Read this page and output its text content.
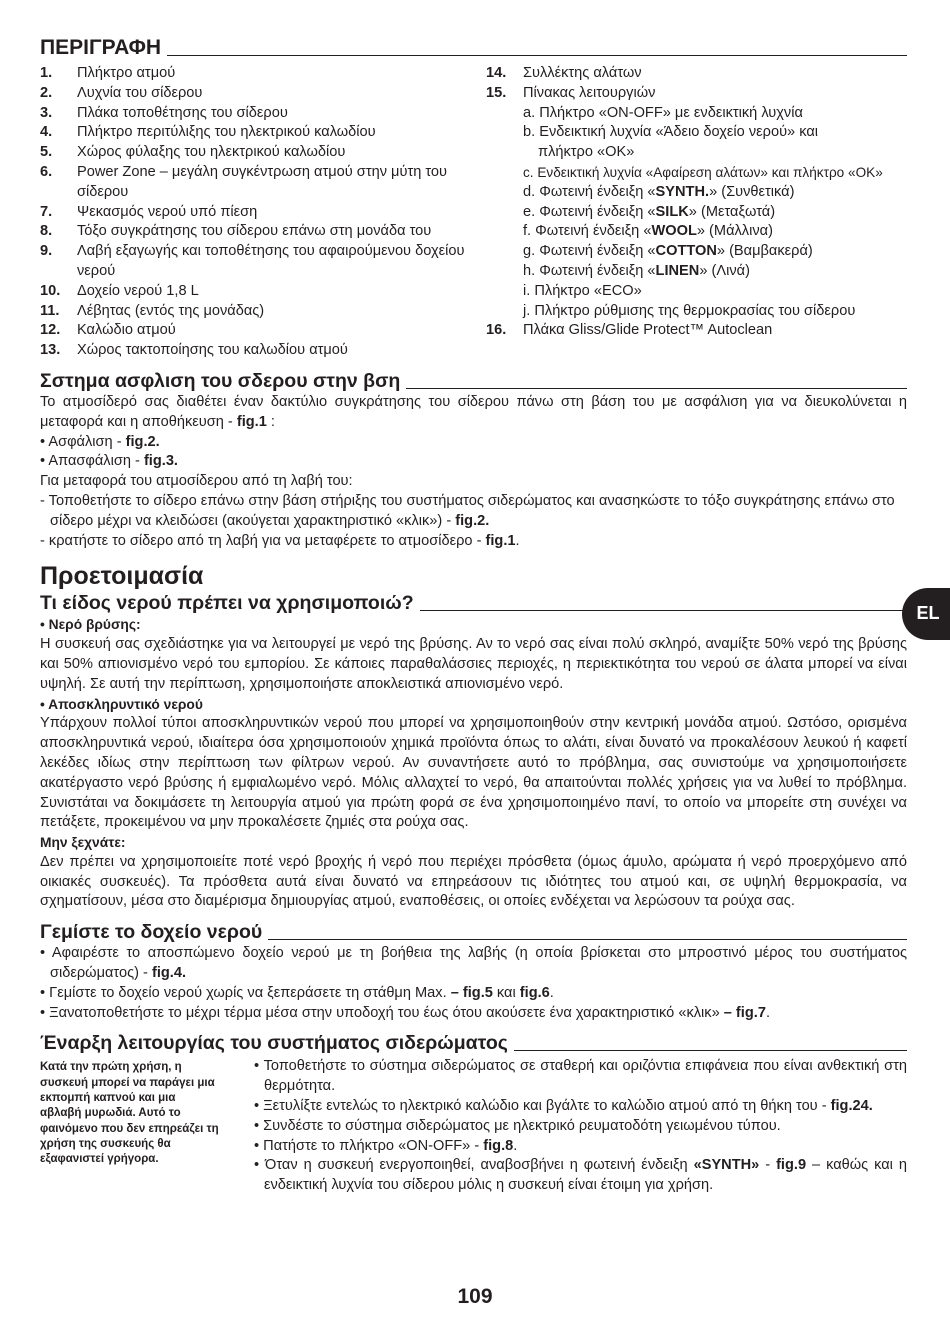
ΠΕΡΙΓΡΑΦΗ
1.	Πλήκτρο ατμού
2.	Λυχνία του σίδερου
3.	Πλάκα τοποθέτησης του σίδερου
4.	Πλήκτρο περιτύλιξης του ηλεκτρικού καλωδίου
5.	Χώρος φύλαξης του ηλεκτρικού καλωδίου
6.	Power Zone – μεγάλη συγκέντρωση ατμού στην μύτη του σίδερου
7.	Ψεκασμός νερού υπό πίεση
8.	Τόξο συγκράτησης του σίδερου επάνω στη μονάδα του
9.	Λαβή εξαγωγής και τοποθέτησης του αφαιρούμενου δοχείου νερού
10.	Δοχείο νερού 1,8 L
11.	Λέβητας (εντός της μονάδας)
12.	Καλώδιο ατμού
13.	Χώρος τακτοποίησης του καλωδίου ατμού
14.	Συλλέκτης αλάτων
15.	Πίνακας λειτουργιών
a. Πλήκτρο «ON-OFF» με ενδεικτική λυχνία
b. Ενδεικτική λυχνία «Άδειο δοχείο νερού» και
πλήκτρο «OK»
c. Ενδεικτική λυχνία «Αφαίρεση αλάτων» και πλήκτρο «OK»
d. Φωτεινή ένδειξη «SYNTH.» (Συνθετικά)
e. Φωτεινή ένδειξη «SILK» (Μεταξωτά)
f. Φωτεινή ένδειξη «WOOL» (Μάλλινα)
g. Φωτεινή ένδειξη «COTTON» (Βαμβακερά)
h. Φωτεινή ένδειξη «LINEN» (Λινά)
i. Πλήκτρο «ECO»
j. Πλήκτρο ρύθμισης της θερμοκρασίας του σίδερου
16.	Πλάκα Gliss/Glide Protect™ Autoclean
Σστημα ασφλιση του σδερου στην βση
Το ατμοσίδερό σας διαθέτει έναν δακτύλιο συγκράτησης του σίδερου πάνω στη βάση του με ασφάλιση για να διευκολύνεται η μεταφορά και η αποθήκευση - fig.1 :
• Ασφάλιση - fig.2.
• Απασφάλιση - fig.3.
Για μεταφορά του ατμοσίδερου από τη λαβή του:
- Τοποθετήστε το σίδερο επάνω στην βάση στήριξης του συστήματος σιδερώματος και ανασηκώστε το τόξο συγκράτησης επάνω στο σίδερο μέχρι να κλειδώσει (ακούγεται χαρακτηριστικό «κλικ») - fig.2.
- κρατήστε το σίδερο από τη λαβή για να μεταφέρετε το ατμοσίδερο - fig.1.
Προετοιμασία
Τι είδος νερού πρέπει να χρησιμοποιώ?
• Νερό βρύσης:
Η συσκευή σας σχεδιάστηκε για να λειτουργεί με νερό της βρύσης. Αν το νερό σας είναι πολύ σκληρό, αναμίξτε 50% νερό της βρύσης και 50% απιονισμένο νερό του εμπορίου. Σε κάποιες παραθαλάσσιες περιοχές, η περιεκτικότητα του νερού σε άλατα μπορεί να είναι υψηλή. Σε αυτή την περίπτωση, χρησιμοποιήστε αποκλειστικά απιονισμένο νερό.
• Αποσκληρυντικό νερού
Υπάρχουν πολλοί τύποι αποσκληρυντικών νερού που μπορεί να χρησιμοποιηθούν στην κεντρική μονάδα ατμού. Ωστόσο, ορισμένα αποσκληρυντικά νερού, ιδιαίτερα όσα χρησιμοποιούν χημικά προϊόντα όπως το αλάτι, είναι δυνατό να προκαλέσουν λευκού ή καφετί λεκέδες ιδίως στην περίπτωση των φίλτρων νερού. Αν συναντήσετε αυτό το πρόβλημα, σας συνιστούμε να χρησιμοποιήσετε ακατέργαστο νερό βρύσης ή εμφιαλωμένο νερό. Μόλις αλλαχτεί το νερό, θα απαιτούνται πολλές χρήσεις για να λυθεί το πρόβλημα. Συνιστάται να δοκιμάσετε τη λειτουργία ατμού για πρώτη φορά σε ένα χρησιμοποιημένο πανί, το οποίο να μπορείτε στη συνέχει να πετάξετε, προκειμένου να μην προκαλέσετε ζημιές στα ρούχα σας.
Μην ξεχνάτε:
Δεν πρέπει να χρησιμοποιείτε ποτέ νερό βροχής ή νερό που περιέχει πρόσθετα (όμως άμυλο, αρώματα ή νερό προερχόμενο από οικιακές συσκευές). Τα πρόσθετα αυτά είναι δυνατό να επηρεάσουν τις ιδιότητες του ατμού και, σε υψηλή θερμοκρασία, να σχηματίσουν, μέσα στο διαμέρισμα δημιουργίας ατμού, εναποθέσεις, οι οποίες ενδέχεται να λερώσουν τα ρούχα σας.
Γεμίστε το δοχείο νερού
• Αφαιρέστε το αποσπώμενο δοχείο νερού με τη βοήθεια της λαβής (η οποία βρίσκεται στο μπροστινό μέρος του συστήματος σιδερώματος) - fig.4.
• Γεμίστε το δοχείο νερού χωρίς να ξεπεράσετε τη στάθμη Max. – fig.5 και fig.6.
• Ξανατοποθετήστε το μέχρι τέρμα μέσα στην υποδοχή του έως ότου ακούσετε ένα χαρακτηριστικό «κλικ» – fig.7.
Έναρξη λειτουργίας του συστήματος σιδερώματος
Κατά την πρώτη χρήση, η συσκευή μπορεί να παράγει μια εκπομπή καπνού και μια αβλαβή μυρωδιά. Αυτό το φαινόμενο που δεν επηρεάζει τη χρήση της συσκευής θα εξαφανιστεί γρήγορα.
• Τοποθετήστε το σύστημα σιδερώματος σε σταθερή και οριζόντια επιφάνεια που είναι ανθεκτική στη θερμότητα.
• Ξετυλίξτε εντελώς το ηλεκτρικό καλώδιο και βγάλτε το καλώδιο ατμού από τη θήκη του - fig.24.
• Συνδέστε το σύστημα σιδερώματος με ηλεκτρικό ρευματοδότη γειωμένου τύπου.
• Πατήστε το πλήκτρο «ON-OFF» - fig.8.
• Όταν η συσκευή ενεργοποιηθεί, αναβοσβήνει η φωτεινή ένδειξη «SYNTH» - fig.9 – καθώς και η ενδεικτική λυχνία του σίδερου μόλις η συσκευή είναι έτοιμη για χρήση.
EL
109
